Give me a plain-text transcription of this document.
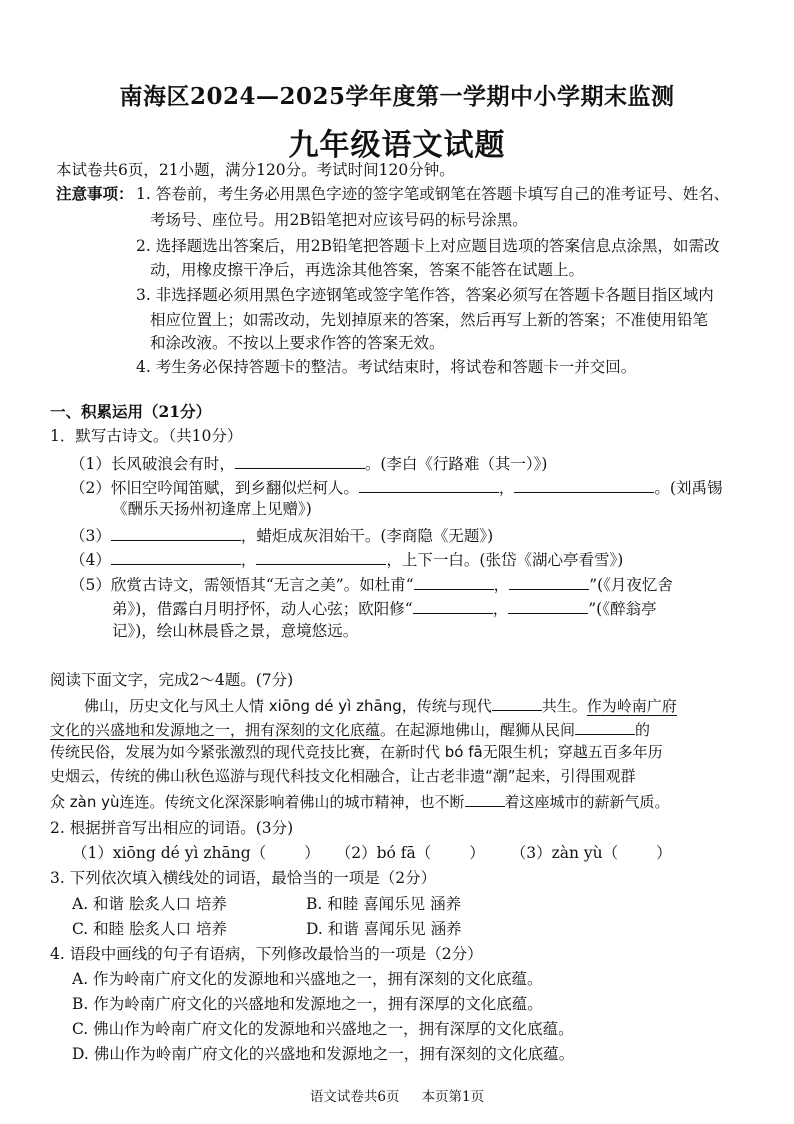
南海区2024—2025学年度第一学期中小学期末监测
九年级语文试题
本试卷共6页，21小题，满分120分。考试时间120分钟。
注意事项： 1. 答卷前，考生务必用黑色字迹的签字笔或钢笔在答题卡填写自己的准考证号、姓名、
考场号、座位号。用2B铅笔把对应该号码的标号涂黑。
2. 选择题选出答案后，用2B铅笔把答题卡上对应题目选项的答案信息点涂黑，如需改
动，用橡皮擦干净后，再选涂其他答案，答案不能答在试题上。
3. 非选择题必须用黑色字迹钢笔或签字笔作答，答案必须写在答题卡各题目指区域内
相应位置上；如需改动，先划掉原来的答案，然后再写上新的答案；不准使用铅笔
和涂改液。不按以上要求作答的答案无效。
4. 考生务必保持答题卡的整洁。考试结束时，将试卷和答题卡一并交回。
一、积累运用（21分）
1．默写古诗文。（共10分）
（1）长风破浪会有时，	。(李白《行路难（其一）》)
（2）怀旧空吟闻笛赋，到乡翻似烂柯人。	，	。(刘禹锡
《酬乐天扬州初逢席上见赠》)
（3）	，蜡炬成灰泪始干。(李商隐《无题》)
（4）	，	，上下一白。(张岱《湖心亭看雪》)
（5）欣赏古诗文，需领悟其“无言之美”。如杜甫“	，	”(《月夜忆舍
弟》)，借露白月明抒怀，动人心弦；欧阳修“	，	”(《醉翁亭
记》)，绘山林晨昏之景，意境悠远。
阅读下面文字，完成2～4题。(7分)
佛山，历史文化与风土人情 xiōng dé yì zhāng，传统与现代	共生。作为岭南广府
文化的兴盛地和发源地之一，拥有深刻的文化底蕴。在起源地佛山，醒狮从民间	的
传统民俗，发展为如今紧张激烈的现代竞技比赛，在新时代 bó fā无限生机；穿越五百多年历
史烟云，传统的佛山秋色巡游与现代科技文化相融合，让古老非遗“潮”起来，引得围观群
众 zàn yù连连。传统文化深深影响着佛山的城市精神，也不断	着这座城市的薪新气质。
2. 根据拼音写出相应的词语。(3分)
（1）xiōng dé yì zhāng（ ） （2）bó fā（ ） （3）zàn yù（ ）
3. 下列依次填入横线处的词语，最恰当的一项是（2分）
A. 和谐 脍炙人口 培养	B. 和睦 喜闻乐见 涵养
C. 和睦 脍炙人口 培养	D. 和谐 喜闻乐见 涵养
4. 语段中画线的句子有语病，下列修改最恰当的一项是（2分）
A. 作为岭南广府文化的发源地和兴盛地之一，拥有深刻的文化底蕴。
B. 作为岭南广府文化的兴盛地和发源地之一，拥有深厚的文化底蕴。
C. 佛山作为岭南广府文化的发源地和兴盛地之一，拥有深厚的文化底蕴。
D. 佛山作为岭南广府文化的兴盛地和发源地之一，拥有深刻的文化底蕴。
语文试卷共6页 本页第1页
